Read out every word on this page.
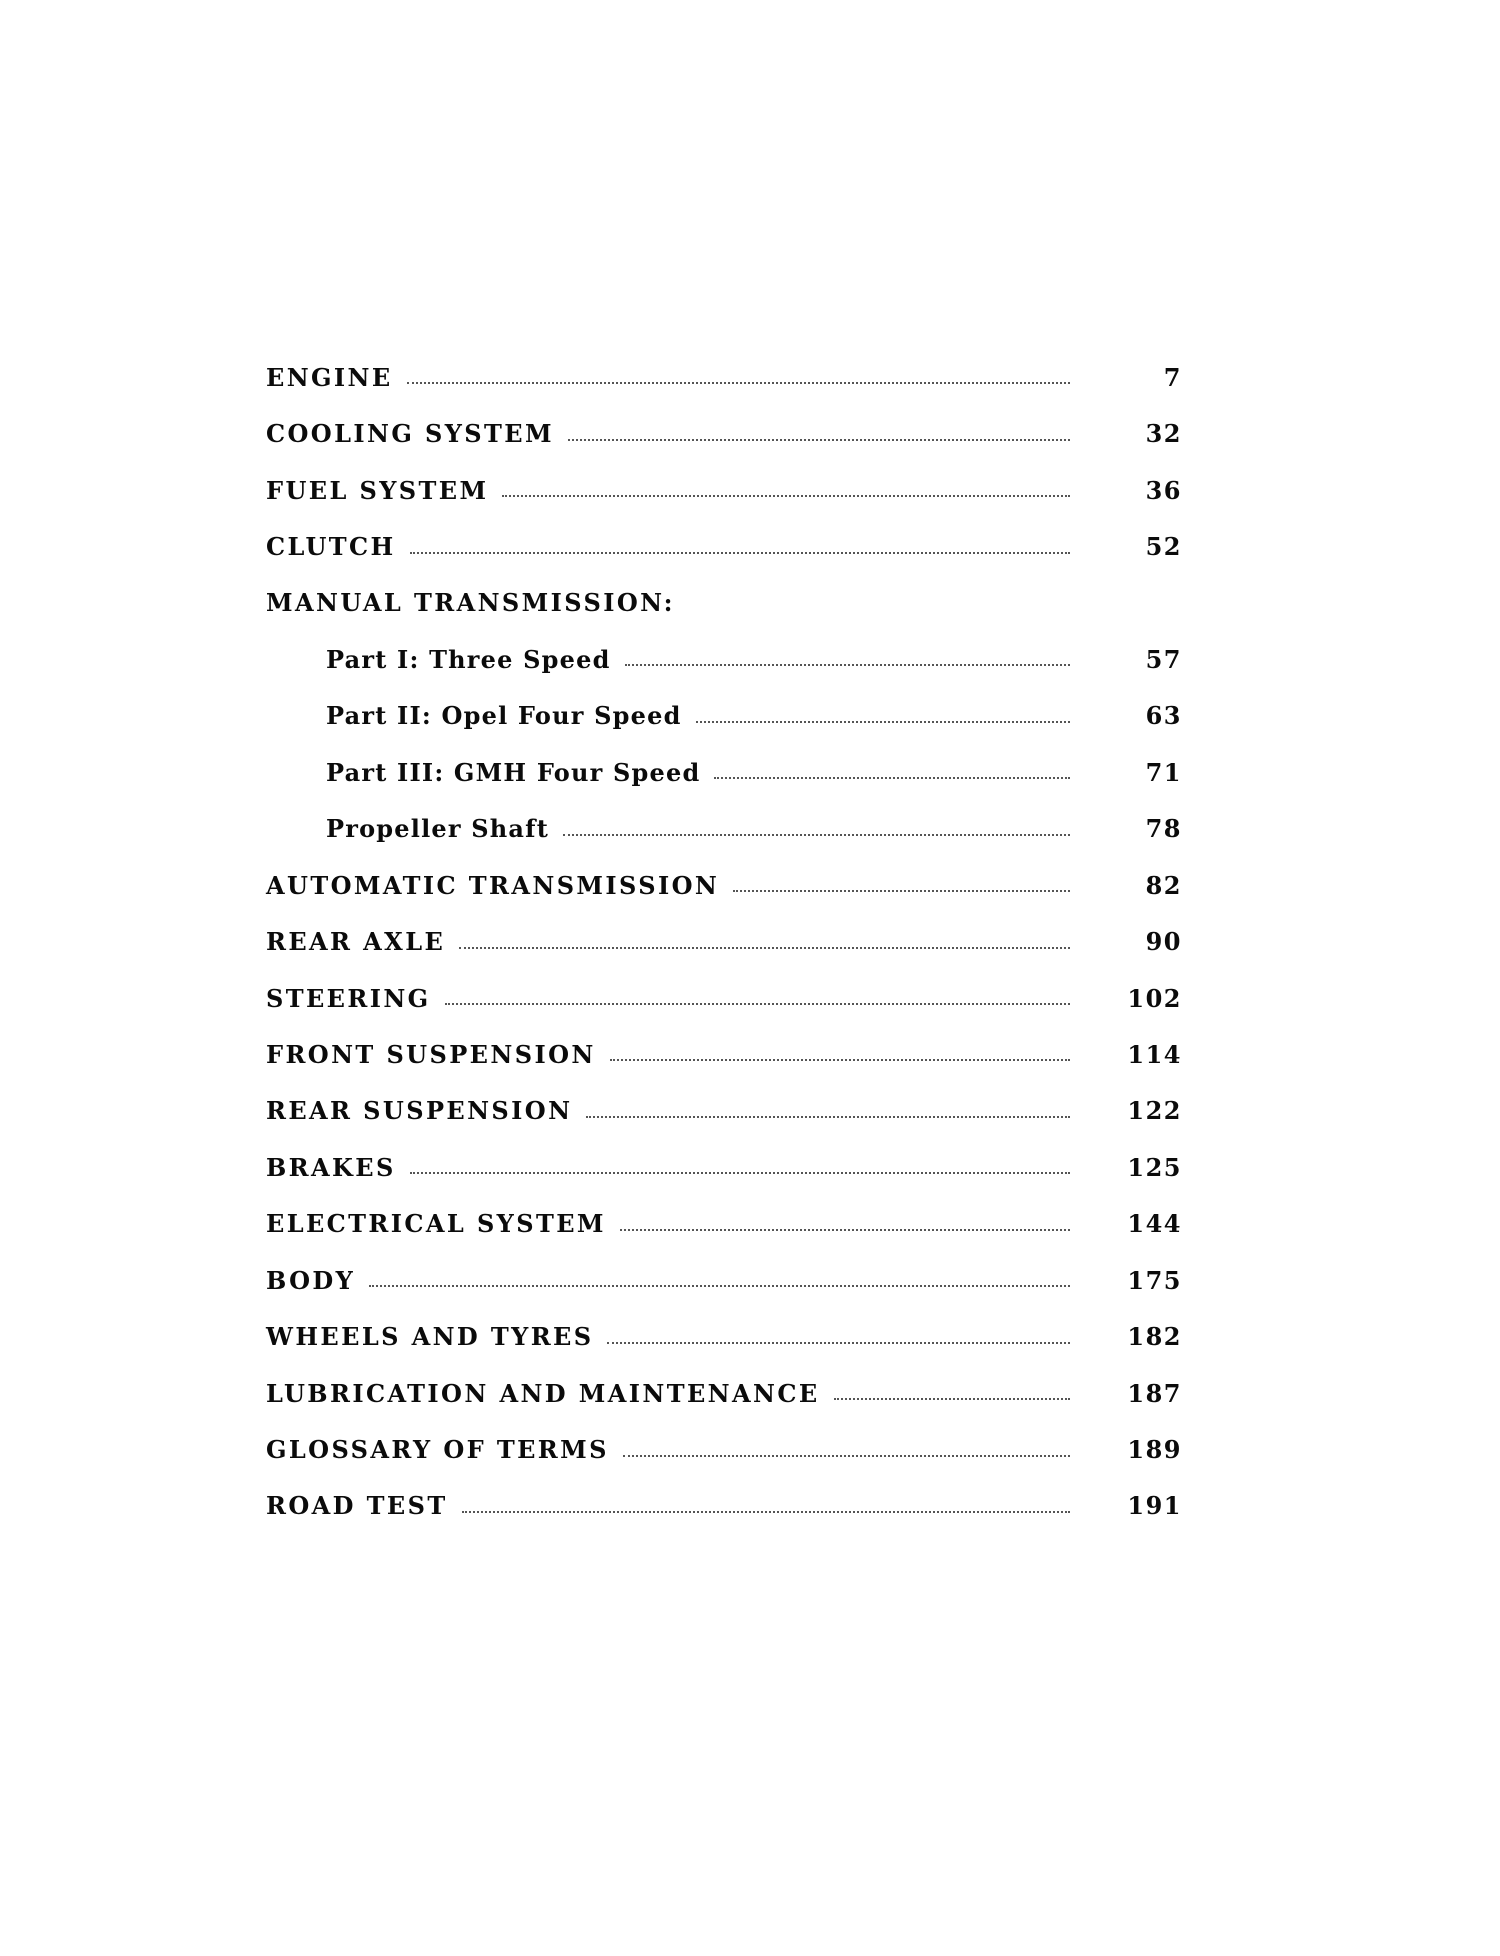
ENGINE	7
COOLING SYSTEM	32
FUEL SYSTEM	36
CLUTCH	52
MANUAL TRANSMISSION:
Part I: Three Speed	57
Part II: Opel Four Speed	63
Part III: GMH Four Speed	71
Propeller Shaft	78
AUTOMATIC TRANSMISSION	82
REAR AXLE	90
STEERING	102
FRONT SUSPENSION	114
REAR SUSPENSION	122
BRAKES	125
ELECTRICAL SYSTEM	144
BODY	175
WHEELS AND TYRES	182
LUBRICATION AND MAINTENANCE	187
GLOSSARY OF TERMS	189
ROAD TEST	191
